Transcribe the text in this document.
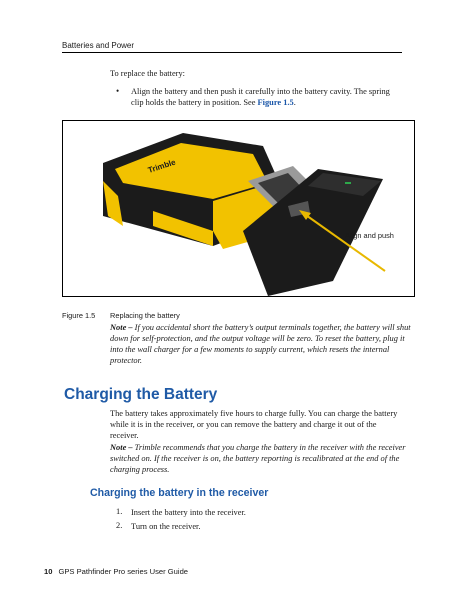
Batteries and Power
To replace the battery:
• Align the battery and then push it carefully into the battery cavity. The spring
clip holds the battery in position. See Figure 1.5.
Trimble
Align and push
Figure 1.5 Replacing the battery
Note – If you accidental short the battery’s output terminals together, the battery will shut
down for self-protection, and the output voltage will be zero. To reset the battery, plug it
into the wall charger for a few moments to supply current, which resets the internal
protector.
Charging the Battery
The battery takes approximately five hours to charge fully. You can charge the battery
while it is in the receiver, or you can remove the battery and charge it out of the
receiver.
Note – Trimble recommends that you charge the battery in the receiver with the receiver
switched on. If the receiver is on, the battery reporting is recalibrated at the end of the
charging process.
Charging the battery in the receiver
1. Insert the battery into the receiver.
2. Turn on the receiver.
10 GPS Pathfinder Pro series User Guide
